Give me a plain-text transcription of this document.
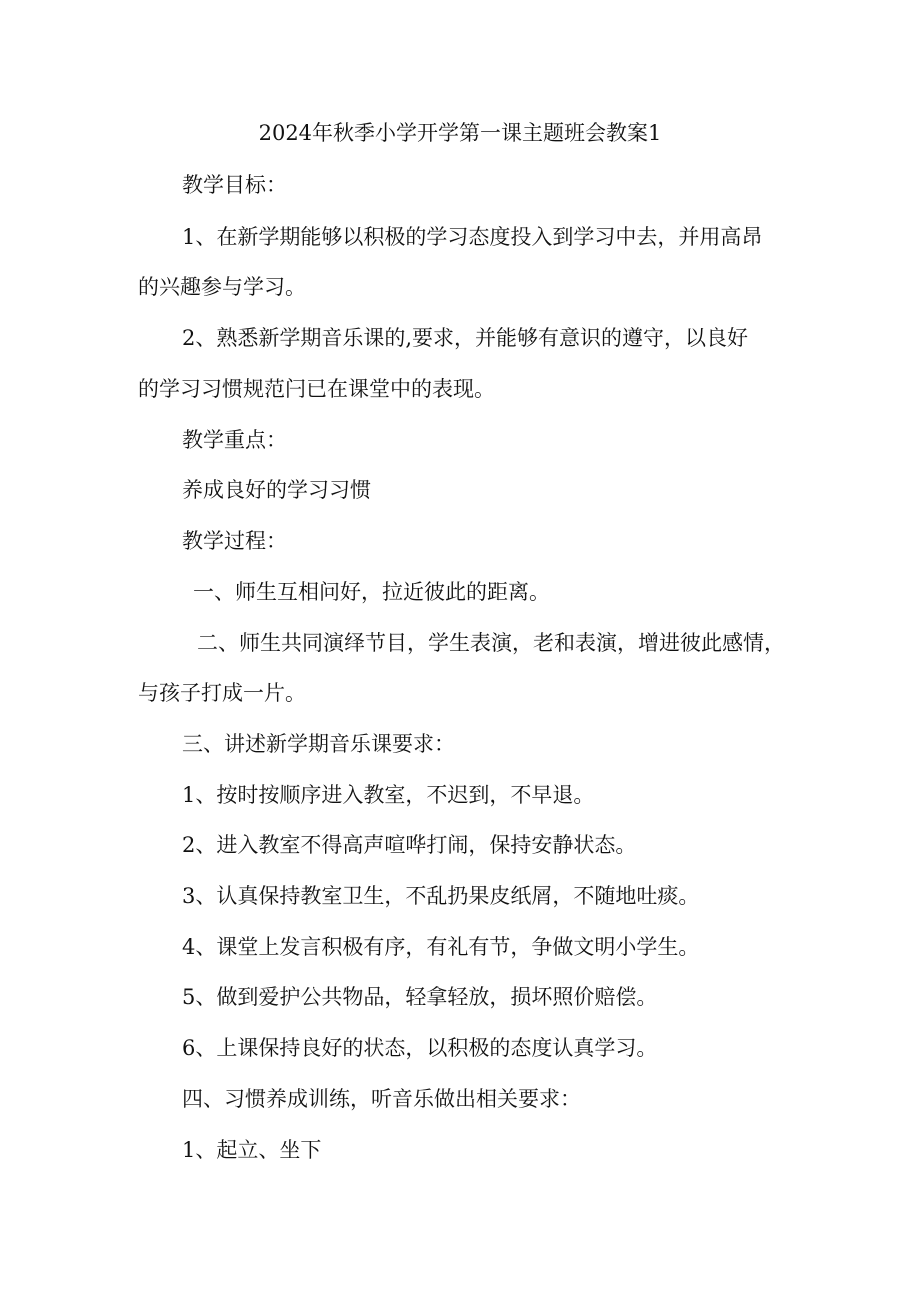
2024年秋季小学开学第一课主题班会教案1
教学目标：
1、在新学期能够以积极的学习态度投入到学习中去，并用高昂
的兴趣参与学习。
2、熟悉新学期音乐课的,要求，并能够有意识的遵守，以良好
的学习习惯规范闩已在课堂中的表现。
教学重点：
养成良好的学习习惯
教学过程：
一、师生互相问好，拉近彼此的距离。
二、师生共同演绎节目，学生表演，老和表演，增进彼此感情，
与孩子打成一片。
三、讲述新学期音乐课要求：
1、按时按顺序进入教室，不迟到，不早退。
2、进入教室不得高声喧哗打闹，保持安静状态。
3、认真保持教室卫生，不乱扔果皮纸屑，不随地吐痰。
4、课堂上发言积极有序，有礼有节，争做文明小学生。
5、做到爱护公共物品，轻拿轻放，损坏照价赔偿。
6、上课保持良好的状态，以积极的态度认真学习。
四、习惯养成训练，听音乐做出相关要求：
1、起立、坐下
